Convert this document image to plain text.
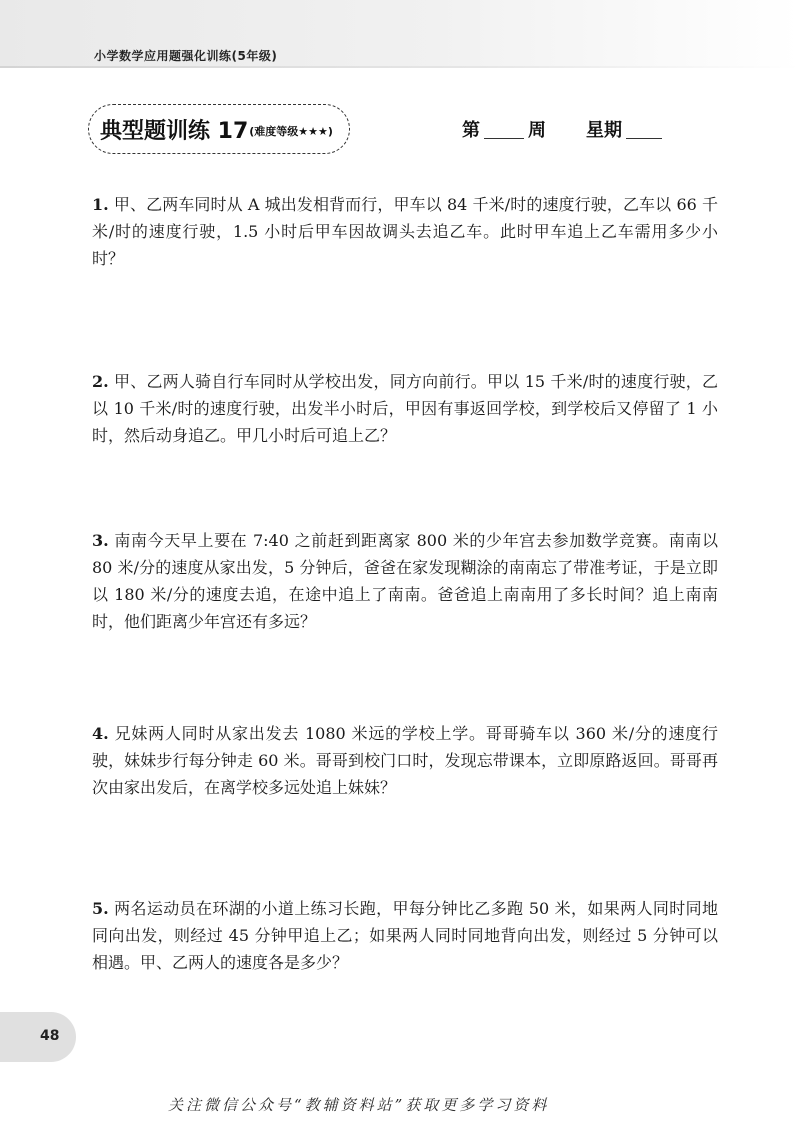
小学数学应用题强化训练(5年级)
典型题训练 17(难度等级★★★)	第	周 星期
1. 甲、乙两车同时从 A 城出发相背而行，甲车以 84 千米/时的速度行驶，乙车以 66 千米/时的速度行驶，1.5 小时后甲车因故调头去追乙车。此时甲车追上乙车需用多少小时？
2. 甲、乙两人骑自行车同时从学校出发，同方向前行。甲以 15 千米/时的速度行驶，乙以 10 千米/时的速度行驶，出发半小时后，甲因有事返回学校，到学校后又停留了 1 小时，然后动身追乙。甲几小时后可追上乙？
3. 南南今天早上要在 7:40 之前赶到距离家 800 米的少年宫去参加数学竞赛。南南以 80 米/分的速度从家出发，5 分钟后，爸爸在家发现糊涂的南南忘了带准考证，于是立即以 180 米/分的速度去追，在途中追上了南南。爸爸追上南南用了多长时间？追上南南时，他们距离少年宫还有多远？
4. 兄妹两人同时从家出发去 1080 米远的学校上学。哥哥骑车以 360 米/分的速度行驶，妹妹步行每分钟走 60 米。哥哥到校门口时，发现忘带课本，立即原路返回。哥哥再次由家出发后，在离学校多远处追上妹妹？
5. 两名运动员在环湖的小道上练习长跑，甲每分钟比乙多跑 50 米，如果两人同时同地同向出发，则经过 45 分钟甲追上乙；如果两人同时同地背向出发，则经过 5 分钟可以相遇。甲、乙两人的速度各是多少？
48
关注微信公众号“教辅资料站”获取更多学习资料
